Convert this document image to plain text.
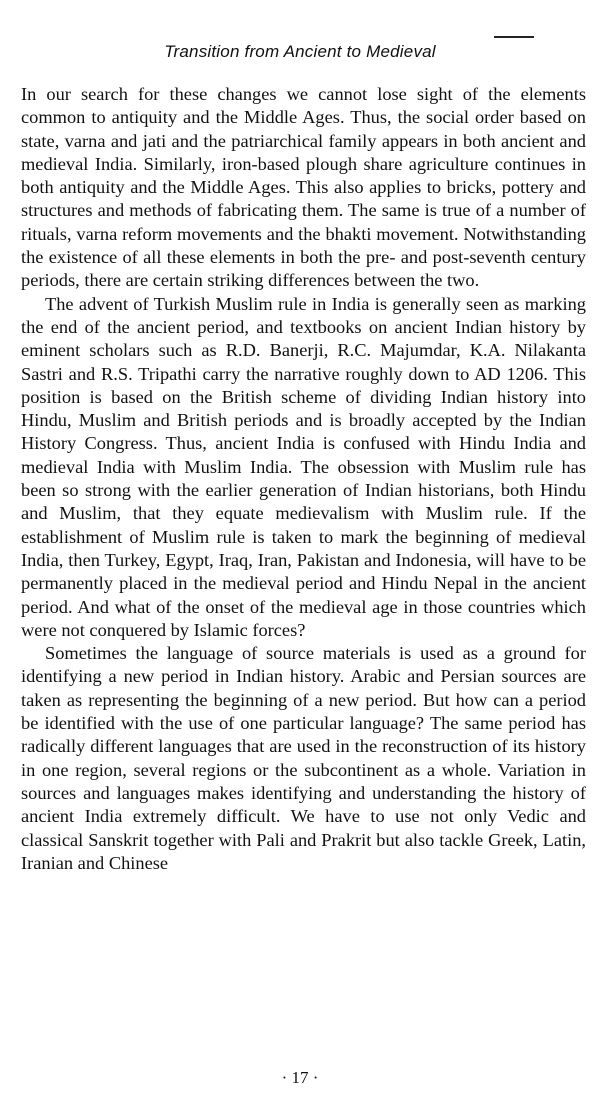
Transition from Ancient to Medieval

In our search for these changes we cannot lose sight of the elements common to antiquity and the Middle Ages. Thus, the social order based on state, varna and jati and the patriarchical family appears in both ancient and medieval India. Similarly, iron-based plough share agriculture continues in both antiquity and the Middle Ages. This also applies to bricks, pottery and structures and methods of fabricating them. The same is true of a number of rituals, varna reform movements and the bhakti movement. Notwithstanding the existence of all these elements in both the pre- and post-seventh century periods, there are certain striking differences between the two.

The advent of Turkish Muslim rule in India is generally seen as marking the end of the ancient period, and textbooks on ancient Indian history by eminent scholars such as R.D. Banerji, R.C. Majumdar, K.A. Nilakanta Sastri and R.S. Tripathi carry the narrative roughly down to AD 1206. This position is based on the British scheme of dividing Indian history into Hindu, Muslim and British periods and is broadly accepted by the Indian History Congress. Thus, ancient India is confused with Hindu India and medieval India with Muslim India. The obsession with Muslim rule has been so strong with the earlier generation of Indian historians, both Hindu and Muslim, that they equate medievalism with Muslim rule. If the establishment of Muslim rule is taken to mark the beginning of medieval India, then Turkey, Egypt, Iraq, Iran, Pakistan and Indonesia, will have to be permanently placed in the medieval period and Hindu Nepal in the ancient period. And what of the onset of the medieval age in those countries which were not conquered by Islamic forces?

Sometimes the language of source materials is used as a ground for identifying a new period in Indian history. Arabic and Persian sources are taken as representing the beginning of a new period. But how can a period be identified with the use of one particular language? The same period has radically different languages that are used in the reconstruction of its history in one region, several regions or the subcontinent as a whole. Variation in sources and languages makes identifying and understanding the history of ancient India extremely difficult. We have to use not only Vedic and classical Sanskrit together with Pali and Prakrit but also tackle Greek, Latin, Iranian and Chinese

· 17 ·
